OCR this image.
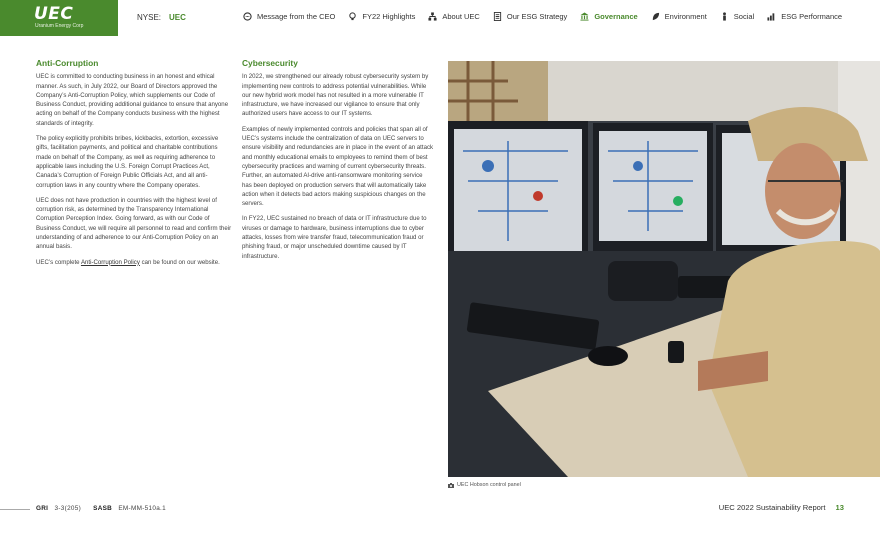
UEC
Uranium Energy Corp
NYSE: UEC	Message from the CEO	FY22 Highlights	About UEC	Our ESG Strategy	Governance	Environment	Social	ESG Performance
Anti-Corruption

UEC is committed to conducting business in an honest and ethical manner. As such, in July 2022, our Board of Directors approved the Company’s Anti-Corruption Policy, which supplements our Code of Business Conduct, providing additional guidance to ensure that anyone acting on behalf of the Company conducts business with the highest standards of integrity.

The policy explicitly prohibits bribes, kickbacks, extortion, excessive gifts, facilitation payments, and political and charitable contributions made on behalf of the Company, as well as requiring adherence to applicable laws including the U.S. Foreign Corrupt Practices Act, Canada’s Corruption of Foreign Public Officials Act, and all anti-corruption laws in any country where the Company operates.

UEC does not have production in countries with the highest level of corruption risk, as determined by the Transparency International Corruption Perception Index. Going forward, as with our Code of Business Conduct, we will require all personnel to read and confirm their understanding of and adherence to our Anti-Corruption Policy on an annual basis.

UEC’s complete Anti-Corruption Policy can be found on our website.

Cybersecurity

In 2022, we strengthened our already robust cybersecurity system by implementing new controls to address potential vulnerabilities. While our new hybrid work model has not resulted in a more vulnerable IT infrastructure, we have increased our vigilance to ensure that only authorized users have access to our IT systems.

Examples of newly implemented controls and policies that span all of UEC’s systems include the centralization of data on UEC servers to ensure visibility and redundancies are in place in the event of an attack and monthly educational emails to employees to remind them of best cybersecurity practices and warning of current cybersecurity threats. Further, an automated AI-drive anti-ransomware monitoring service has been deployed on production servers that will automatically take action when it detects bad actors making suspicious changes on the servers.

In FY22, UEC sustained no breach of data or IT infrastructure due to viruses or damage to hardware, business interruptions due to cyber attacks, losses from wire transfer fraud, telecommunication fraud or phishing fraud, or major unscheduled downtime caused by IT infrastructure.

UEC Hobson control panel
GRI 3-3(205) SASB EM-MM-510a.1	UEC 2022 Sustainability Report 13
